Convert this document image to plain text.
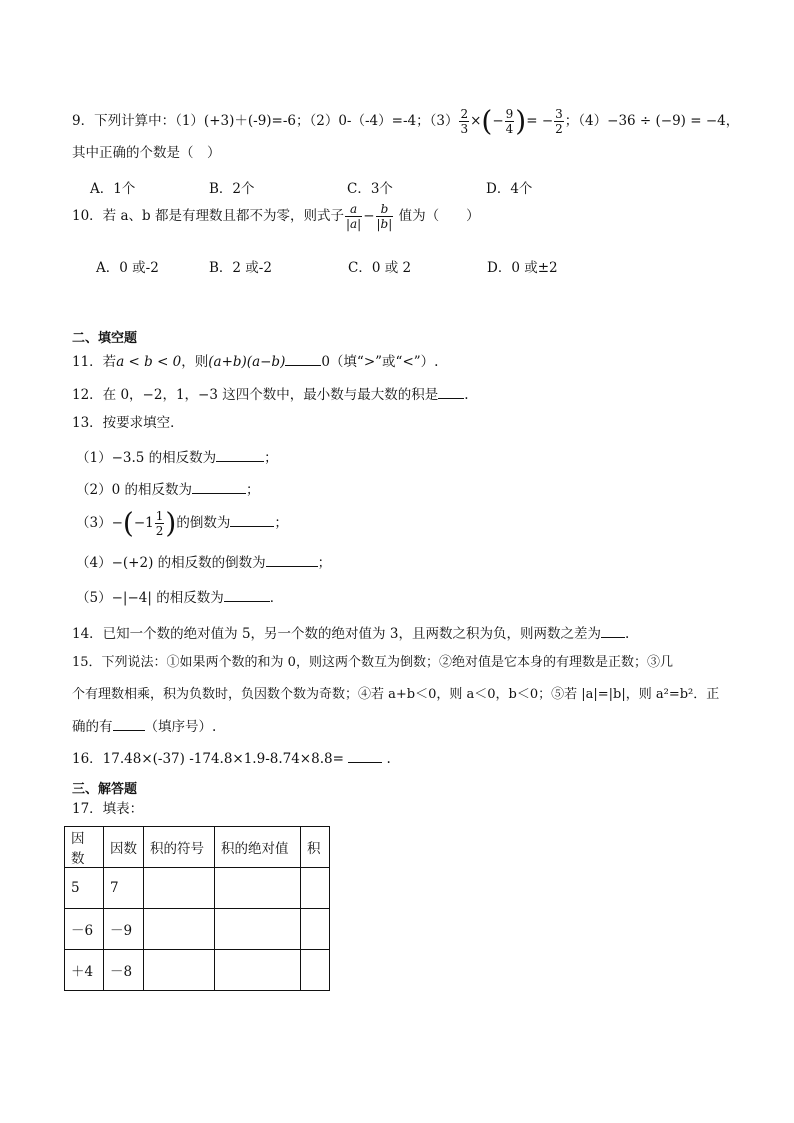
9．下列计算中：（1）(+3)＋(-9)=-6；（2）0-（-4）=-4；$(3) \frac{2}{3}$ ×(− $\frac{9}{4}$ )= − $\frac{3}{2}$ ；（4）−36 ÷ (−9) = −4，
其中正确的个数是（　）
A．1个	B．2个	C．3个	D．4个
10．若 a、b 都是有理数且都不为零，则式子 $\frac{a}{|a|} - \frac{b}{|b|}$ 值为（　　）
A．0 或-2	B．2 或-2	C．0 或 2	D．0 或±2
二、填空题
11．若a < b < 0，则(a+b)(a−b)	0（填“>”或“<”）.
12．在 0，−2，1，−3 这四个数中，最小数与最大数的积是 .
13．按要求填空．
（1）−3.5 的相反数为	；
（2）0 的相反数为	；
$(3)-(-1 \frac{1}{2}$ )的倒数为	；
（4）−(+2) 的相反数的倒数为	；
（5）−|−4| 的相反数为	．
14．已知一个数的绝对值为 5，另一个数的绝对值为 3，且两数之积为负，则两数之差为 .
15．下列说法：①如果两个数的和为 0，则这两个数互为倒数；②绝对值是它本身的有理数是正数；③几
个有理数相乘，积为负数时，负因数个数为奇数；④若 a+b＜0，则 a＜0，b＜0；⑤若 |a|=|b|，则 a²=b²．正
确的有 （填序号）.
16．17.48×(-37) -174.8×1.9-8.74×8.8=	.
三、解答题
17．填表：
因数	因数	积的符号	积的绝对值	积
5	7			
－6	－9			
＋4	－8			
